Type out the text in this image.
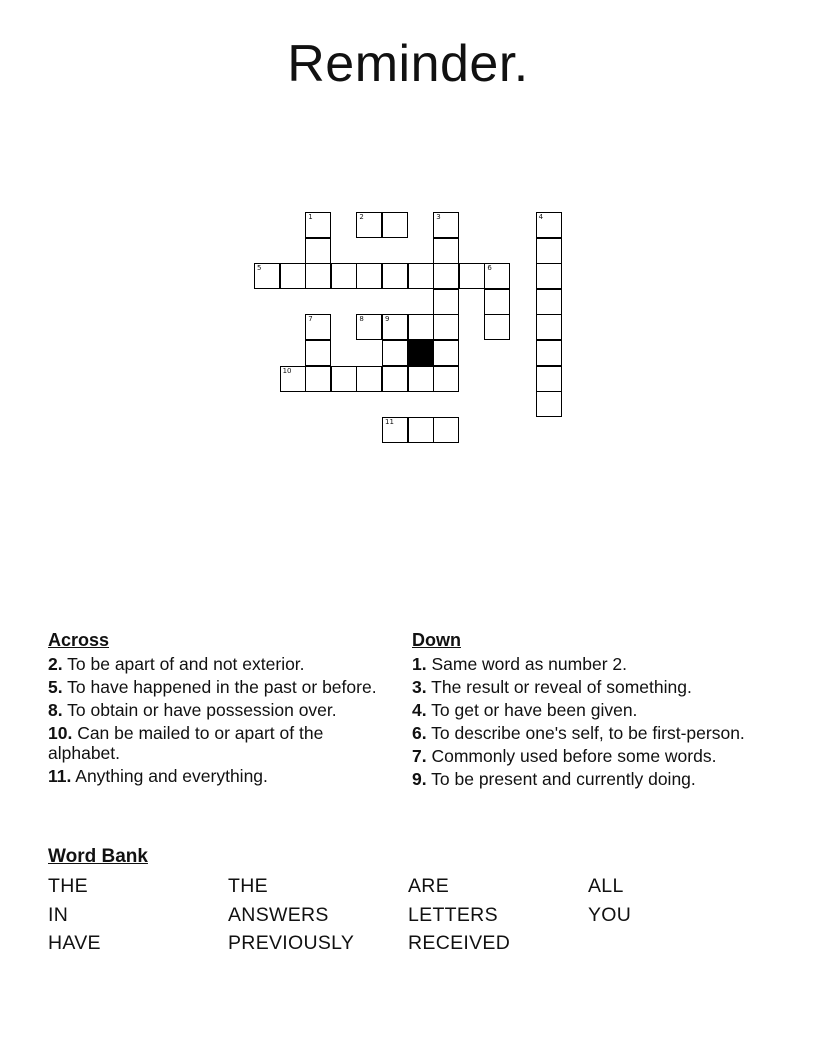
Reminder.
1	2	3	4
5	6
7	8	9
10
11
Across
2. To be apart of and not exterior.
5. To have happened in the past or before.
8. To obtain or have possession over.
10. Can be mailed to or apart of the alphabet.
11. Anything and everything.
Down
1. Same word as number 2.
3. The result or reveal of something.
4. To get or have been given.
6. To describe one's self, to be first-person.
7. Commonly used before some words.
9. To be present and currently doing.
Word Bank
THE	THE	ARE	ALL
IN	ANSWERS	LETTERS	YOU
HAVE	PREVIOUSLY	RECEIVED
